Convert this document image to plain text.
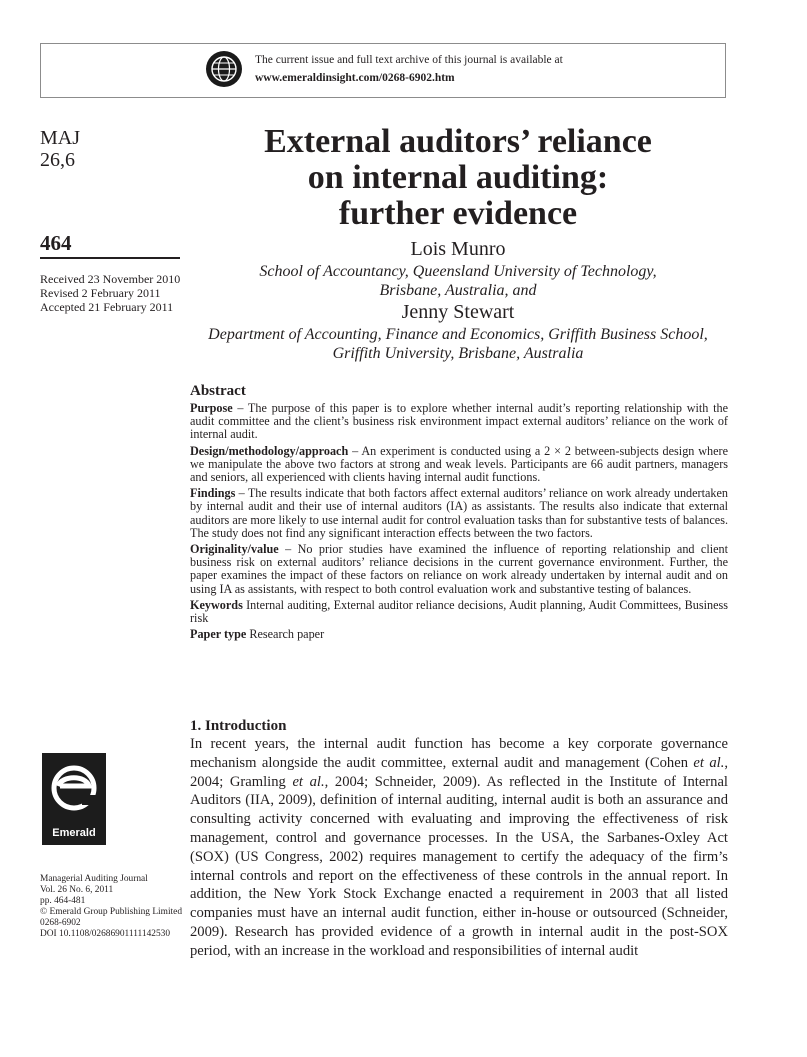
The current issue and full text archive of this journal is available at
www.emeraldinsight.com/0268-6902.htm
MAJ
26,6
464
Received 23 November 2010
Revised 2 February 2011
Accepted 21 February 2011
External auditors’ reliance
on internal auditing:
further evidence
Lois Munro
School of Accountancy, Queensland University of Technology,
Brisbane, Australia, and
Jenny Stewart
Department of Accounting, Finance and Economics, Griffith Business School,
Griffith University, Brisbane, Australia
Abstract

Purpose – The purpose of this paper is to explore whether internal audit’s reporting relationship with the audit committee and the client’s business risk environment impact external auditors’ reliance on the work of internal audit.

Design/methodology/approach – An experiment is conducted using a 2 × 2 between-subjects design where we manipulate the above two factors at strong and weak levels. Participants are 66 audit partners, managers and seniors, all experienced with clients having internal audit functions.

Findings – The results indicate that both factors affect external auditors’ reliance on work already undertaken by internal audit and their use of internal auditors (IA) as assistants. The results also indicate that external auditors are more likely to use internal audit for control evaluation tasks than for substantive tests of balances. The study does not find any significant interaction effects between the two factors.

Originality/value – No prior studies have examined the influence of reporting relationship and client business risk on external auditors’ reliance decisions in the current governance environment. Further, the paper examines the impact of these factors on reliance on work already undertaken by internal audit and on using IA as assistants, with respect to both control evaluation work and substantive testing of balances.

Keywords Internal auditing, External auditor reliance decisions, Audit planning, Audit Committees, Business risk

Paper type Research paper

1. Introduction
In recent years, the internal audit function has become a key corporate governance mechanism alongside the audit committee, external audit and management (Cohen et al., 2004; Gramling et al., 2004; Schneider, 2009). As reflected in the Institute of Internal Auditors (IIA, 2009), definition of internal auditing, internal audit is both an assurance and consulting activity concerned with evaluating and improving the effectiveness of risk management, control and governance processes. In the USA, the Sarbanes-Oxley Act (SOX) (US Congress, 2002) requires management to certify the adequacy of the firm’s internal controls and report on the effectiveness of these controls in the annual report. In addition, the New York Stock Exchange enacted a requirement in 2003 that all listed companies must have an internal audit function, either in-house or outsourced (Schneider, 2009). Research has provided evidence of a growth in internal audit in the post-SOX period, with an increase in the workload and responsibilities of internal audit
Emerald
Managerial Auditing Journal
Vol. 26 No. 6, 2011
pp. 464-481
© Emerald Group Publishing Limited
0268-6902
DOI 10.1108/02686901111142530
